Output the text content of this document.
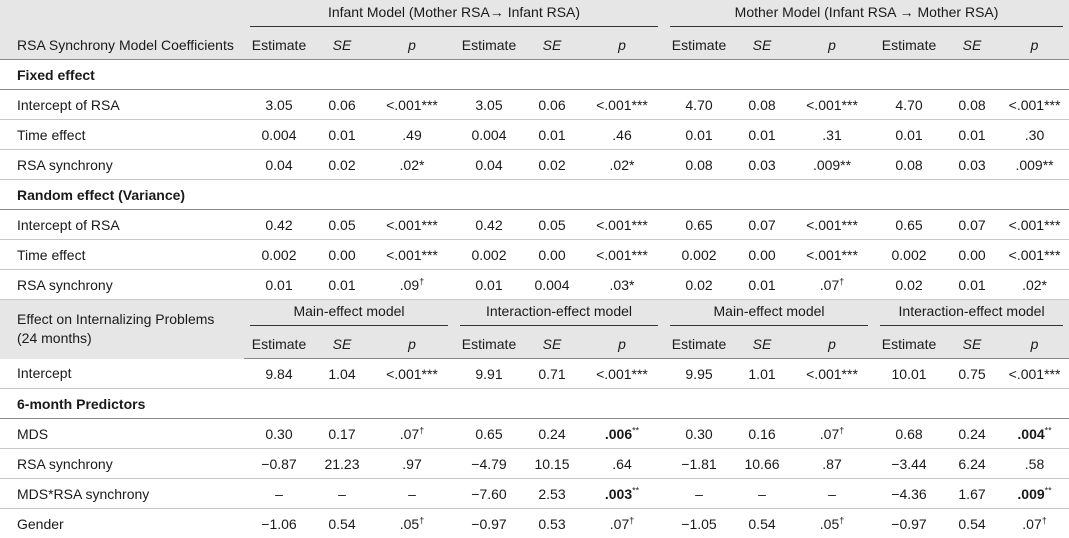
	Infant Model (Mother RSA→ Infant RSA)						Mother Model (Infant RSA → Mother RSA)					

RSA Synchrony Model Coefficients	Estimate	SE	p	Estimate	SE	p	Estimate	SE	p	Estimate	SE	p
Fixed effect												
Intercept of RSA	3.05	0.06	<.001***	3.05	0.06	<.001***	4.70	0.08	<.001***	4.70	0.08	<.001***
Time effect	0.004	0.01	.49	0.004	0.01	.46	0.01	0.01	.31	0.01	0.01	.30
RSA synchrony	0.04	0.02	.02*	0.04	0.02	.02*	0.08	0.03	.009**	0.08	0.03	.009**
Random effect (Variance)												
Intercept of RSA	0.42	0.05	<.001***	0.42	0.05	<.001***	0.65	0.07	<.001***	0.65	0.07	<.001***
Time effect	0.002	0.00	<.001***	0.002	0.00	<.001***	0.002	0.00	<.001***	0.002	0.00	<.001***
RSA synchrony	0.01	0.01	.09†	0.01	0.004	.03*	0.02	0.01	.07†	0.02	0.01	.02*
Effect on Internalizing Problems
(24 months)	Main-effect model			Interaction-effect model			Main-effect model			Interaction-effect model		

	Estimate	SE	p	Estimate	SE	p	Estimate	SE	p	Estimate	SE	p
Intercept	9.84	1.04	<.001***	9.91	0.71	<.001***	9.95	1.01	<.001***	10.01	0.75	<.001***
6-month Predictors												
MDS	0.30	0.17	.07†	0.65	0.24	.006**	0.30	0.16	.07†	0.68	0.24	.004**
RSA synchrony	−0.87	21.23	.97	−4.79	10.15	.64	−1.81	10.66	.87	−3.44	6.24	.58
MDS*RSA synchrony	–	–	–	−7.60	2.53	.003**	–	–	–	−4.36	1.67	.009**
Gender	−1.06	0.54	.05†	−0.97	0.53	.07†	−1.05	0.54	.05†	−0.97	0.54	.07†
